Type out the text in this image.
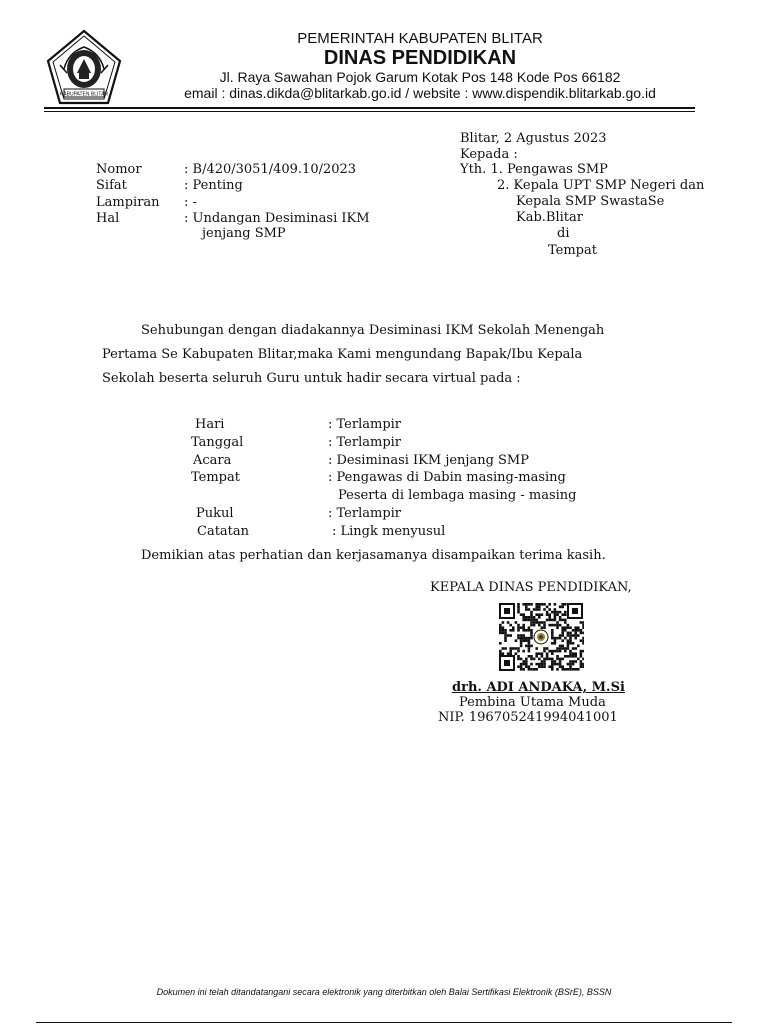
KABUPATEN BLITAR
PEMERINTAH KABUPATEN BLITAR
DINAS PENDIDIKAN
Jl. Raya Sawahan Pojok Garum Kotak Pos 148 Kode Pos 66182
email : dinas.dikda@blitarkab.go.id / website : www.dispendik.blitarkab.go.id
Blitar, 2 Agustus 2023
Kepada :
Yth. 1. Pengawas SMP
2. Kepala UPT SMP Negeri dan
Kepala SMP SwastaSe
Kab.Blitar
di
Tempat
Nomor	: B/420/3051/409.10/2023
Sifat	: Penting
Lampiran : -
Hal	: Undangan Desiminasi IKM
jenjang SMP
Sehubungan dengan diadakannya Desiminasi IKM Sekolah Menengah
Pertama Se Kabupaten Blitar,maka Kami mengundang Bapak/Ibu Kepala
Sekolah beserta seluruh Guru untuk hadir secara virtual pada :
Hari	: Terlampir
Tanggal	: Terlampir
Acara	: Desiminasi IKM jenjang SMP
Tempat	: Pengawas di Dabin masing-masing
Peserta di lembaga masing - masing
Pukul	: Terlampir
Catatan	: Lingk menyusul
Demikian atas perhatian dan kerjasamanya disampaikan terima kasih.
KEPALA DINAS PENDIDIKAN,
drh. ADI ANDAKA, M.Si
Pembina Utama Muda
NIP. 196705241994041001
Dokumen ini telah ditandatangani secara elektronik yang diterbitkan oleh Balai Sertifikasi Elektronik (BSrE), BSSN
